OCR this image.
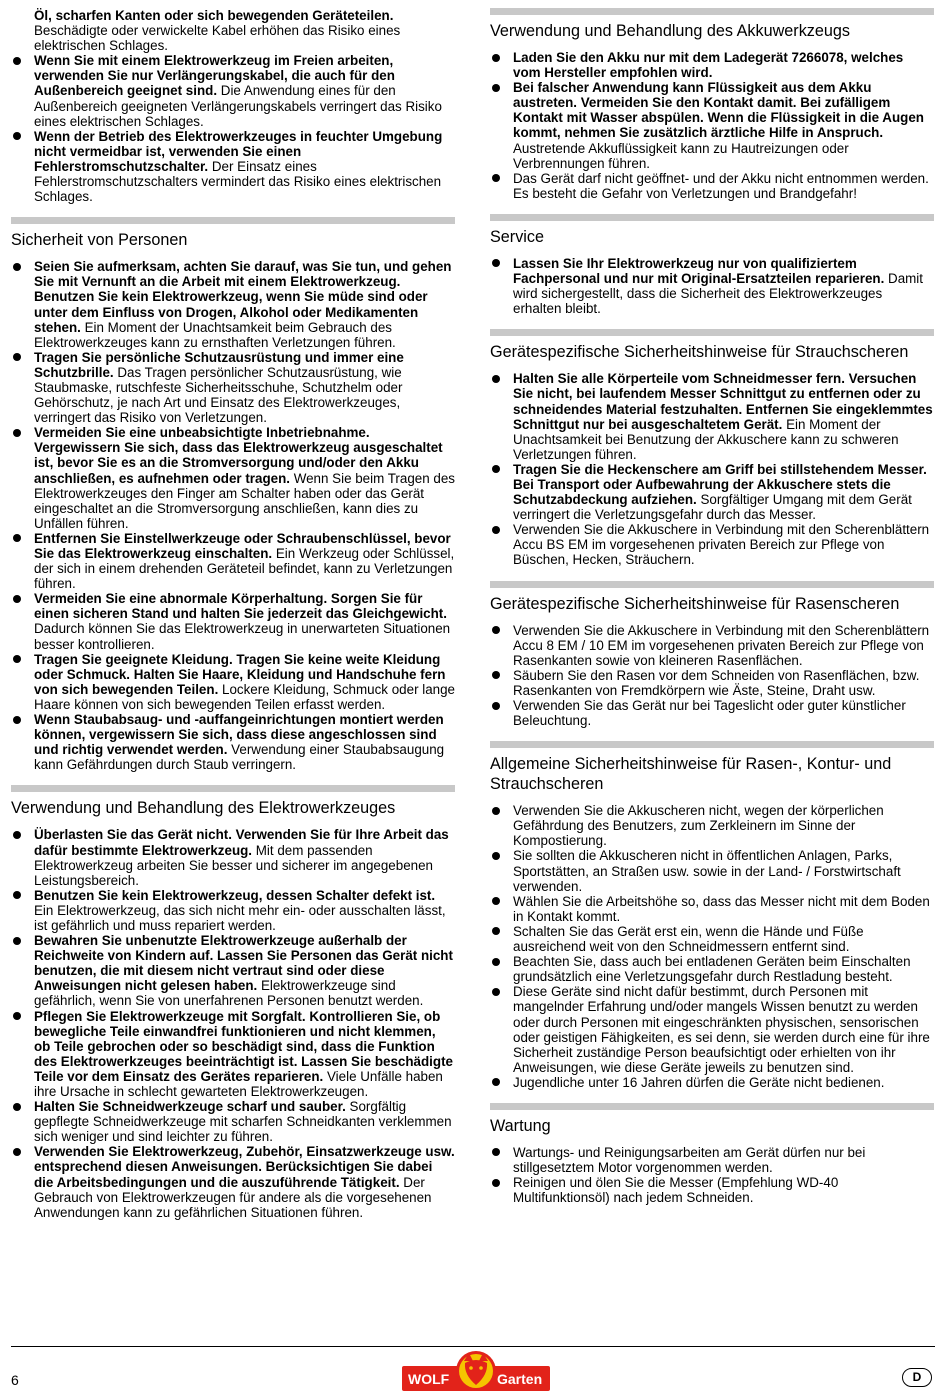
Öl, scharfen Kanten oder sich bewegenden Geräteteilen. Beschädigte oder verwickelte Kabel erhöhen das Risiko eines elektrischen Schlages.
Wenn Sie mit einem Elektrowerkzeug im Freien arbeiten, verwenden Sie nur Verlängerungskabel, die auch für den Außenbereich geeignet sind. Die Anwendung eines für den Außenbereich geeigneten Verlängerungskabels verringert das Risiko eines elektrischen Schlages.
Wenn der Betrieb des Elektrowerkzeuges in feuchter Umgebung nicht vermeidbar ist, verwenden Sie einen Fehlerstromschutzschalter. Der Einsatz eines Fehlerstromschutzschalters vermindert das Risiko eines elektrischen Schlages.
Sicherheit von Personen
Seien Sie aufmerksam, achten Sie darauf, was Sie tun, und gehen Sie mit Vernunft an die Arbeit mit einem Elektrowerkzeug. Benutzen Sie kein Elektrowerkzeug, wenn Sie müde sind oder unter dem Einfluss von Drogen, Alkohol oder Medikamenten stehen. Ein Moment der Unachtsamkeit beim Gebrauch des Elektrowerkzeuges kann zu ernsthaften Verletzungen führen.
Tragen Sie persönliche Schutzausrüstung und immer eine Schutzbrille. Das Tragen persönlicher Schutzausrüstung, wie Staubmaske, rutschfeste Sicherheitsschuhe, Schutzhelm oder Gehörschutz, je nach Art und Einsatz des Elektrowerkzeuges, verringert das Risiko von Verletzungen.
Vermeiden Sie eine unbeabsichtigte Inbetriebnahme. Vergewissern Sie sich, dass das Elektrowerkzeug ausgeschaltet ist, bevor Sie es an die Stromversorgung und/oder den Akku anschließen, es aufnehmen oder tragen. Wenn Sie beim Tragen des Elektrowerkzeuges den Finger am Schalter haben oder das Gerät eingeschaltet an die Stromversorgung anschließen, kann dies zu Unfällen führen.
Entfernen Sie Einstellwerkzeuge oder Schraubenschlüssel, bevor Sie das Elektrowerkzeug einschalten. Ein Werkzeug oder Schlüssel, der sich in einem drehenden Geräteteil befindet, kann zu Verletzungen führen.
Vermeiden Sie eine abnormale Körperhaltung. Sorgen Sie für einen sicheren Stand und halten Sie jederzeit das Gleichgewicht. Dadurch können Sie das Elektrowerkzeug in unerwarteten Situationen besser kontrollieren.
Tragen Sie geeignete Kleidung. Tragen Sie keine weite Kleidung oder Schmuck. Halten Sie Haare, Kleidung und Handschuhe fern von sich bewegenden Teilen. Lockere Kleidung, Schmuck oder lange Haare können von sich bewegenden Teilen erfasst werden.
Wenn Staubabsaug- und -auffangeinrichtungen montiert werden können, vergewissern Sie sich, dass diese angeschlossen sind und richtig verwendet werden. Verwendung einer Staubabsaugung kann Gefährdungen durch Staub verringern.
Verwendung und Behandlung des Elektrowerkzeuges
Überlasten Sie das Gerät nicht. Verwenden Sie für Ihre Arbeit das dafür bestimmte Elektrowerkzeug. Mit dem passenden Elektrowerkzeug arbeiten Sie besser und sicherer im angegebenen Leistungsbereich.
Benutzen Sie kein Elektrowerkzeug, dessen Schalter defekt ist. Ein Elektrowerkzeug, das sich nicht mehr ein- oder ausschalten lässt, ist gefährlich und muss repariert werden.
Bewahren Sie unbenutzte Elektrowerkzeuge außerhalb der Reichweite von Kindern auf. Lassen Sie Personen das Gerät nicht benutzen, die mit diesem nicht vertraut sind oder diese Anweisungen nicht gelesen haben. Elektrowerkzeuge sind gefährlich, wenn Sie von unerfahrenen Personen benutzt werden.
Pflegen Sie Elektrowerkzeuge mit Sorgfalt. Kontrollieren Sie, ob bewegliche Teile einwandfrei funktionieren und nicht klemmen, ob Teile gebrochen oder so beschädigt sind, dass die Funktion des Elektrowerkzeuges beeinträchtigt ist. Lassen Sie beschädigte Teile vor dem Einsatz des Gerätes reparieren. Viele Unfälle haben ihre Ursache in schlecht gewarteten Elektrowerkzeugen.
Halten Sie Schneidwerkzeuge scharf und sauber. Sorgfältig gepflegte Schneidwerkzeuge mit scharfen Schneidkanten verklemmen sich weniger und sind leichter zu führen.
Verwenden Sie Elektrowerkzeug, Zubehör, Einsatzwerkzeuge usw. entsprechend diesen Anweisungen. Berücksichtigen Sie dabei die Arbeitsbedingungen und die auszuführende Tätigkeit. Der Gebrauch von Elektrowerkzeugen für andere als die vorgesehenen Anwendungen kann zu gefährlichen Situationen führen.
Verwendung und Behandlung des Akkuwerkzeugs
Laden Sie den Akku nur mit dem Ladegerät 7266078, welches vom Hersteller empfohlen wird.
Bei falscher Anwendung kann Flüssigkeit aus dem Akku austreten. Vermeiden Sie den Kontakt damit. Bei zufälligem Kontakt mit Wasser abspülen. Wenn die Flüssigkeit in die Augen kommt, nehmen Sie zusätzlich ärztliche Hilfe in Anspruch. Austretende Akkuflüssigkeit kann zu Hautreizungen oder Verbrennungen führen.
Das Gerät darf nicht geöffnet- und der Akku nicht entnommen werden. Es besteht die Gefahr von Verletzungen und Brandgefahr!
Service
Lassen Sie Ihr Elektrowerkzeug nur von qualifiziertem Fachpersonal und nur mit Original-Ersatzteilen reparieren. Damit wird sichergestellt, dass die Sicherheit des Elektrowerkzeuges erhalten bleibt.
Gerätespezifische Sicherheitshinweise für Strauchscheren
Halten Sie alle Körperteile vom Schneidmesser fern. Versuchen Sie nicht, bei laufendem Messer Schnittgut zu entfernen oder zu schneidendes Material festzuhalten. Entfernen Sie eingeklemmtes Schnittgut nur bei ausgeschaltetem Gerät. Ein Moment der Unachtsamkeit bei Benutzung der Akkuschere kann zu schweren Verletzungen führen.
Tragen Sie die Heckenschere am Griff bei stillstehendem Messer. Bei Transport oder Aufbewahrung der Akkuschere stets die Schutzabdeckung aufziehen. Sorgfältiger Umgang mit dem Gerät verringert die Verletzungsgefahr durch das Messer.
Verwenden Sie die Akkuschere in Verbindung mit den Scherenblättern Accu BS EM im vorgesehenen privaten Bereich zur Pflege von Büschen, Hecken, Sträuchern.
Gerätespezifische Sicherheitshinweise für Rasenscheren
Verwenden Sie die Akkuschere in Verbindung mit den Scherenblättern Accu 8 EM / 10 EM im vorgesehenen privaten Bereich zur Pflege von Rasenkanten sowie von kleineren Rasenflächen.
Säubern Sie den Rasen vor dem Schneiden von Rasenflächen, bzw. Rasenkanten von Fremdkörpern wie Äste, Steine, Draht usw.
Verwenden Sie das Gerät nur bei Tageslicht oder guter künstlicher Beleuchtung.
Allgemeine Sicherheitshinweise für Rasen-, Kontur- und Strauchscheren
Verwenden Sie die Akkuscheren nicht, wegen der körperlichen Gefährdung des Benutzers, zum Zerkleinern im Sinne der Kompostierung.
Sie sollten die Akkuscheren nicht in öffentlichen Anlagen, Parks, Sportstätten, an Straßen usw. sowie in der Land- / Forstwirtschaft verwenden.
Wählen Sie die Arbeitshöhe so, dass das Messer nicht mit dem Boden in Kontakt kommt.
Schalten Sie das Gerät erst ein, wenn die Hände und Füße ausreichend weit von den Schneidmessern entfernt sind.
Beachten Sie, dass auch bei entladenen Geräten beim Einschalten grundsätzlich eine Verletzungsgefahr durch Restladung besteht.
Diese Geräte sind nicht dafür bestimmt, durch Personen mit mangelnder Erfahrung und/oder mangels Wissen benutzt zu werden oder durch Personen mit eingeschränkten physischen, sensorischen oder geistigen Fähigkeiten, es sei denn, sie werden durch eine für ihre Sicherheit zuständige Person beaufsichtigt oder erhielten von ihr Anweisungen, wie diese Geräte jeweils zu benutzen sind.
Jugendliche unter 16 Jahren dürfen die Geräte nicht bedienen.
Wartung
Wartungs- und Reinigungsarbeiten am Gerät dürfen nur bei stillgesetztem Motor vorgenommen werden.
Reinigen und ölen Sie die Messer (Empfehlung WD-40 Multifunktionsöl) nach jedem Schneiden.
6	WOLF	Garten	D
